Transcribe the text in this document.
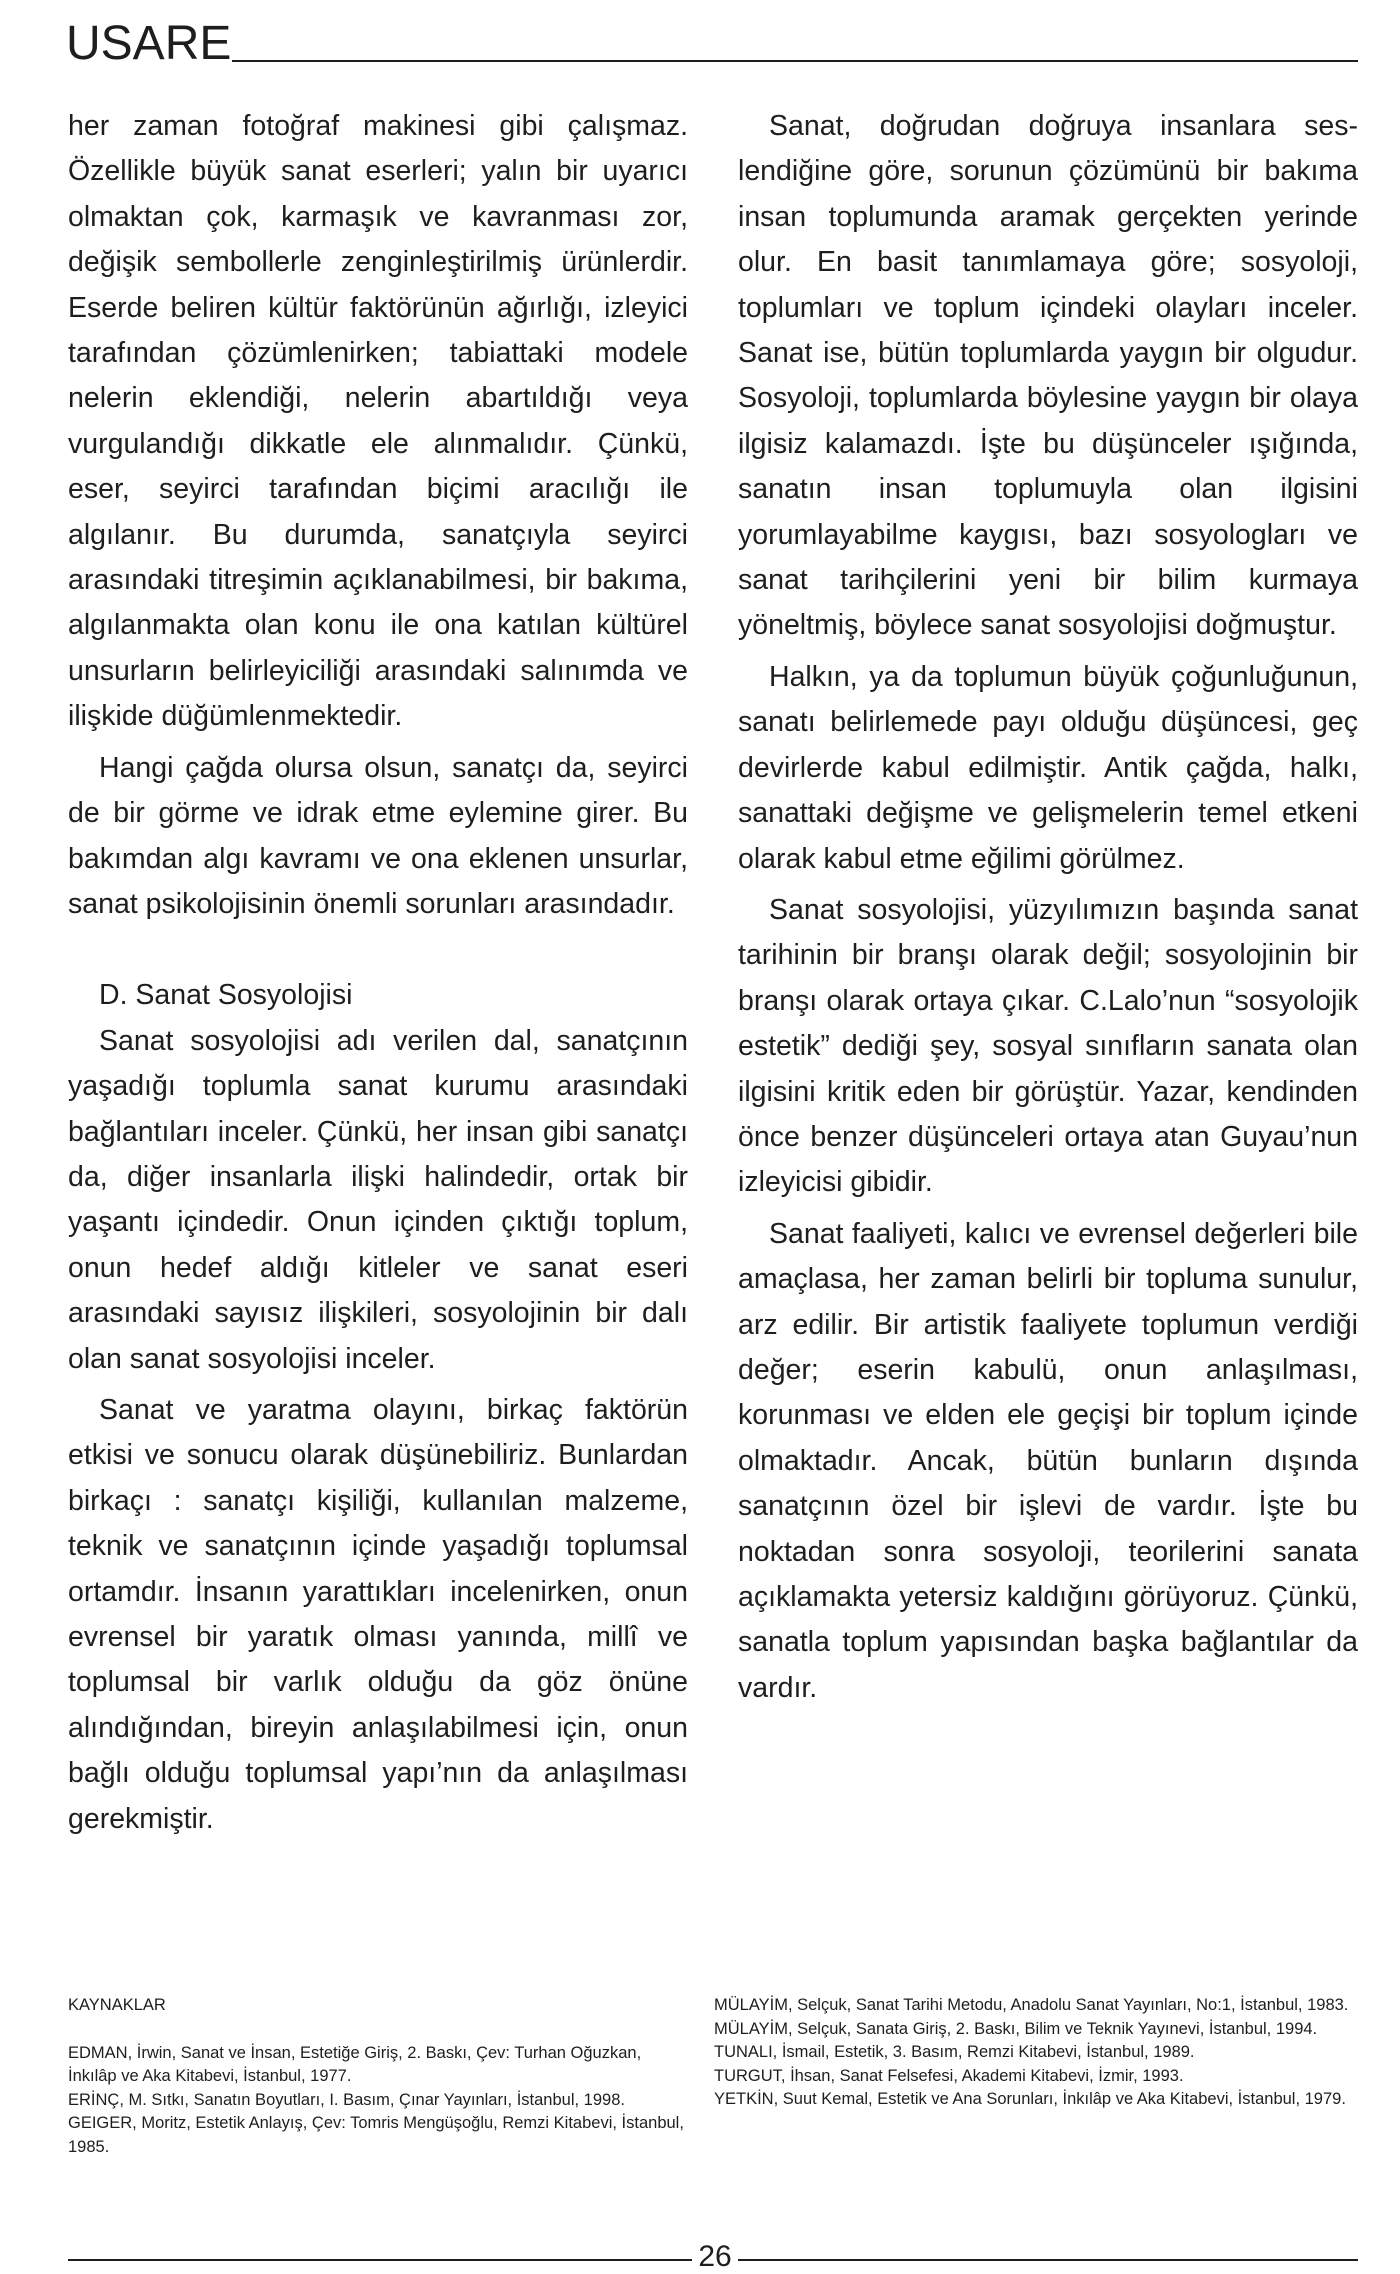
USARE

her zaman fotoğraf makinesi gibi çalışmaz. Özellikle büyük sanat eserleri; yalın bir uyarıcı olmaktan çok, karmaşık ve kavranması zor, değişik sembollerle zenginleştirilmiş ürünlerdir. Eserde beliren kültür faktörünün ağırlığı, izleyici tarafından çözümlenirken; tabiattaki modele nelerin eklendiği, nelerin abartıldığı veya vurgulandığı dikkatle ele alınmalıdır. Çünkü, eser, seyirci tarafından biçimi aracılığı ile algılanır. Bu durumda, sanatçıyla seyirci arasındaki titreşimin açıklanabilmesi, bir bakıma, algılanmakta olan konu ile ona katılan kültürel unsurların belirleyiciliği arasındaki salınımda ve ilişkide düğümlenmektedir.

Hangi çağda olursa olsun, sanatçı da, seyirci de bir görme ve idrak etme eylemine girer. Bu bakımdan algı kavramı ve ona eklenen unsurlar, sanat psikolojisinin önemli sorunları arasındadır.

D. Sanat Sosyolojisi

Sanat sosyolojisi adı verilen dal, sanatçının yaşadığı toplumla sanat kurumu arasındaki bağlantıları inceler. Çünkü, her insan gibi sanatçı da, diğer insanlarla ilişki halindedir, ortak bir yaşantı içindedir. Onun içinden çıktığı toplum, onun hedef aldığı kitleler ve sanat eseri arasındaki sayısız ilişkileri, sosyolojinin bir dalı olan sanat sosyolojisi inceler.

Sanat ve yaratma olayını, birkaç faktörün etkisi ve sonucu olarak düşünebiliriz. Bunlardan birkaçı : sanatçı kişiliği, kullanılan malzeme, teknik ve sanatçının içinde yaşadığı toplumsal ortamdır. İnsanın yarattıkları incelenirken, onun evrensel bir yaratık olması yanında, millî ve toplumsal bir varlık olduğu da göz önüne alındığından, bireyin anlaşılabilmesi için, onun bağlı olduğu toplumsal yapı’nın da anlaşılması gerekmiştir.

Sanat, doğrudan doğruya insanlara seslendiğine göre, sorunun çözümünü bir bakıma insan toplumunda aramak gerçekten yerinde olur. En basit tanımlamaya göre; sosyoloji, toplumları ve toplum içindeki olayları inceler. Sanat ise, bütün toplumlarda yaygın bir olgudur. Sosyoloji, toplumlarda böylesine yaygın bir olaya ilgisiz kalamazdı. İşte bu düşünceler ışığında, sanatın insan toplumuyla olan ilgisini yorumlayabilme kaygısı, bazı sosyologları ve sanat tarihçilerini yeni bir bilim kurmaya yöneltmiş, böylece sanat sosyolojisi doğmuştur.

Halkın, ya da toplumun büyük çoğunluğunun, sanatı belirlemede payı olduğu düşüncesi, geç devirlerde kabul edilmiştir. Antik çağda, halkı, sanattaki değişme ve gelişmelerin temel etkeni olarak kabul etme eğilimi görülmez.

Sanat sosyolojisi, yüzyılımızın başında sanat tarihinin bir branşı olarak değil; sosyolojinin bir branşı olarak ortaya çıkar. C.Lalo’nun “sosyolojik estetik” dediği şey, sosyal sınıfların sanata olan ilgisini kritik eden bir görüştür. Yazar, kendinden önce benzer düşünceleri ortaya atan Guyau’nun izleyicisi gibidir.

Sanat faaliyeti, kalıcı ve evrensel değerleri bile amaçlasa, her zaman belirli bir topluma sunulur, arz edilir. Bir artistik faaliyete toplumun verdiği değer; eserin kabulü, onun anlaşılması, korunması ve elden ele geçişi bir toplum içinde olmaktadır. Ancak, bütün bunların dışında sanatçının özel bir işlevi de vardır. İşte bu noktadan sonra sosyoloji, teorilerini sanata açıklamakta yetersiz kaldığını görüyoruz. Çünkü, sanatla toplum yapısından başka bağlantılar da vardır.

KAYNAKLAR

EDMAN, İrwin, Sanat ve İnsan, Estetiğe Giriş, 2. Baskı, Çev: Turhan Oğuzkan, İnkılâp ve Aka Kitabevi, İstanbul, 1977.

ERİNÇ, M. Sıtkı, Sanatın Boyutları, I. Basım, Çınar Yayınları, İstanbul, 1998.

GEIGER, Moritz, Estetik Anlayış, Çev: Tomris Mengüşoğlu, Remzi Kitabevi, İstanbul, 1985.

MÜLAYİM, Selçuk, Sanat Tarihi Metodu, Anadolu Sanat Yayınları, No:1, İstanbul, 1983.

MÜLAYİM, Selçuk, Sanata Giriş, 2. Baskı, Bilim ve Teknik Yayınevi, İstanbul, 1994.

TUNALI, İsmail, Estetik, 3. Basım, Remzi Kitabevi, İstanbul, 1989.

TURGUT, İhsan, Sanat Felsefesi, Akademi Kitabevi, İzmir, 1993.

YETKİN, Suut Kemal, Estetik ve Ana Sorunları, İnkılâp ve Aka Kitabevi, İstanbul, 1979.

26
